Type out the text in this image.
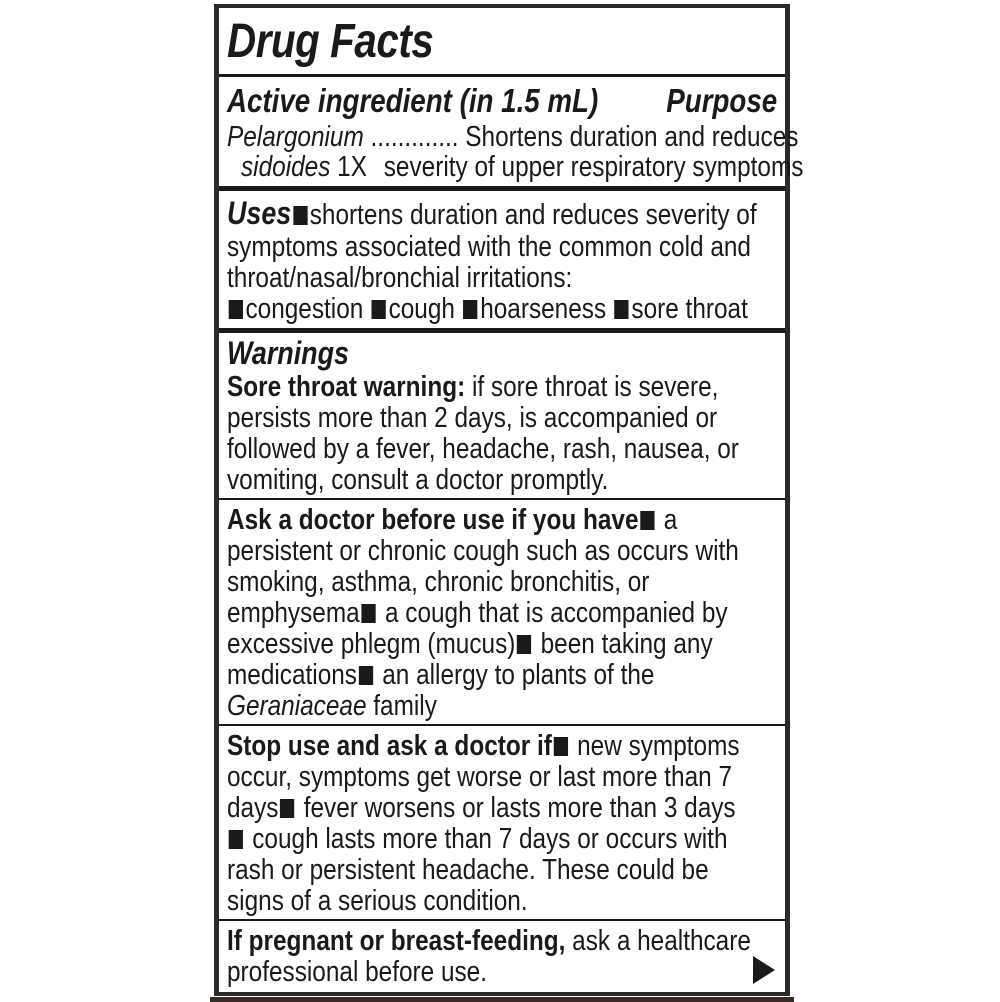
Drug Facts
Active ingredient (in 1.5 mL) Purpose
Pelargonium ............. Shortens duration and reduces
sidoides 1X severity of upper respiratory symptoms
Uses shortens duration and reduces severity of
symptoms associated with the common cold and
throat/nasal/bronchial irritations:
congestion cough hoarseness sore throat
Warnings
Sore throat warning: if sore throat is severe,
persists more than 2 days, is accompanied or
followed by a fever, headache, rash, nausea, or
vomiting, consult a doctor promptly.
Ask a doctor before use if you have a
persistent or chronic cough such as occurs with
smoking, asthma, chronic bronchitis, or
emphysema a cough that is accompanied by
excessive phlegm (mucus) been taking any
medications an allergy to plants of the
Geraniaceae family
Stop use and ask a doctor if new symptoms
occur, symptoms get worse or last more than 7
days fever worsens or lasts more than 3 days
cough lasts more than 7 days or occurs with
rash or persistent headache. These could be
signs of a serious condition.
If pregnant or breast-feeding, ask a healthcare
professional before use.
